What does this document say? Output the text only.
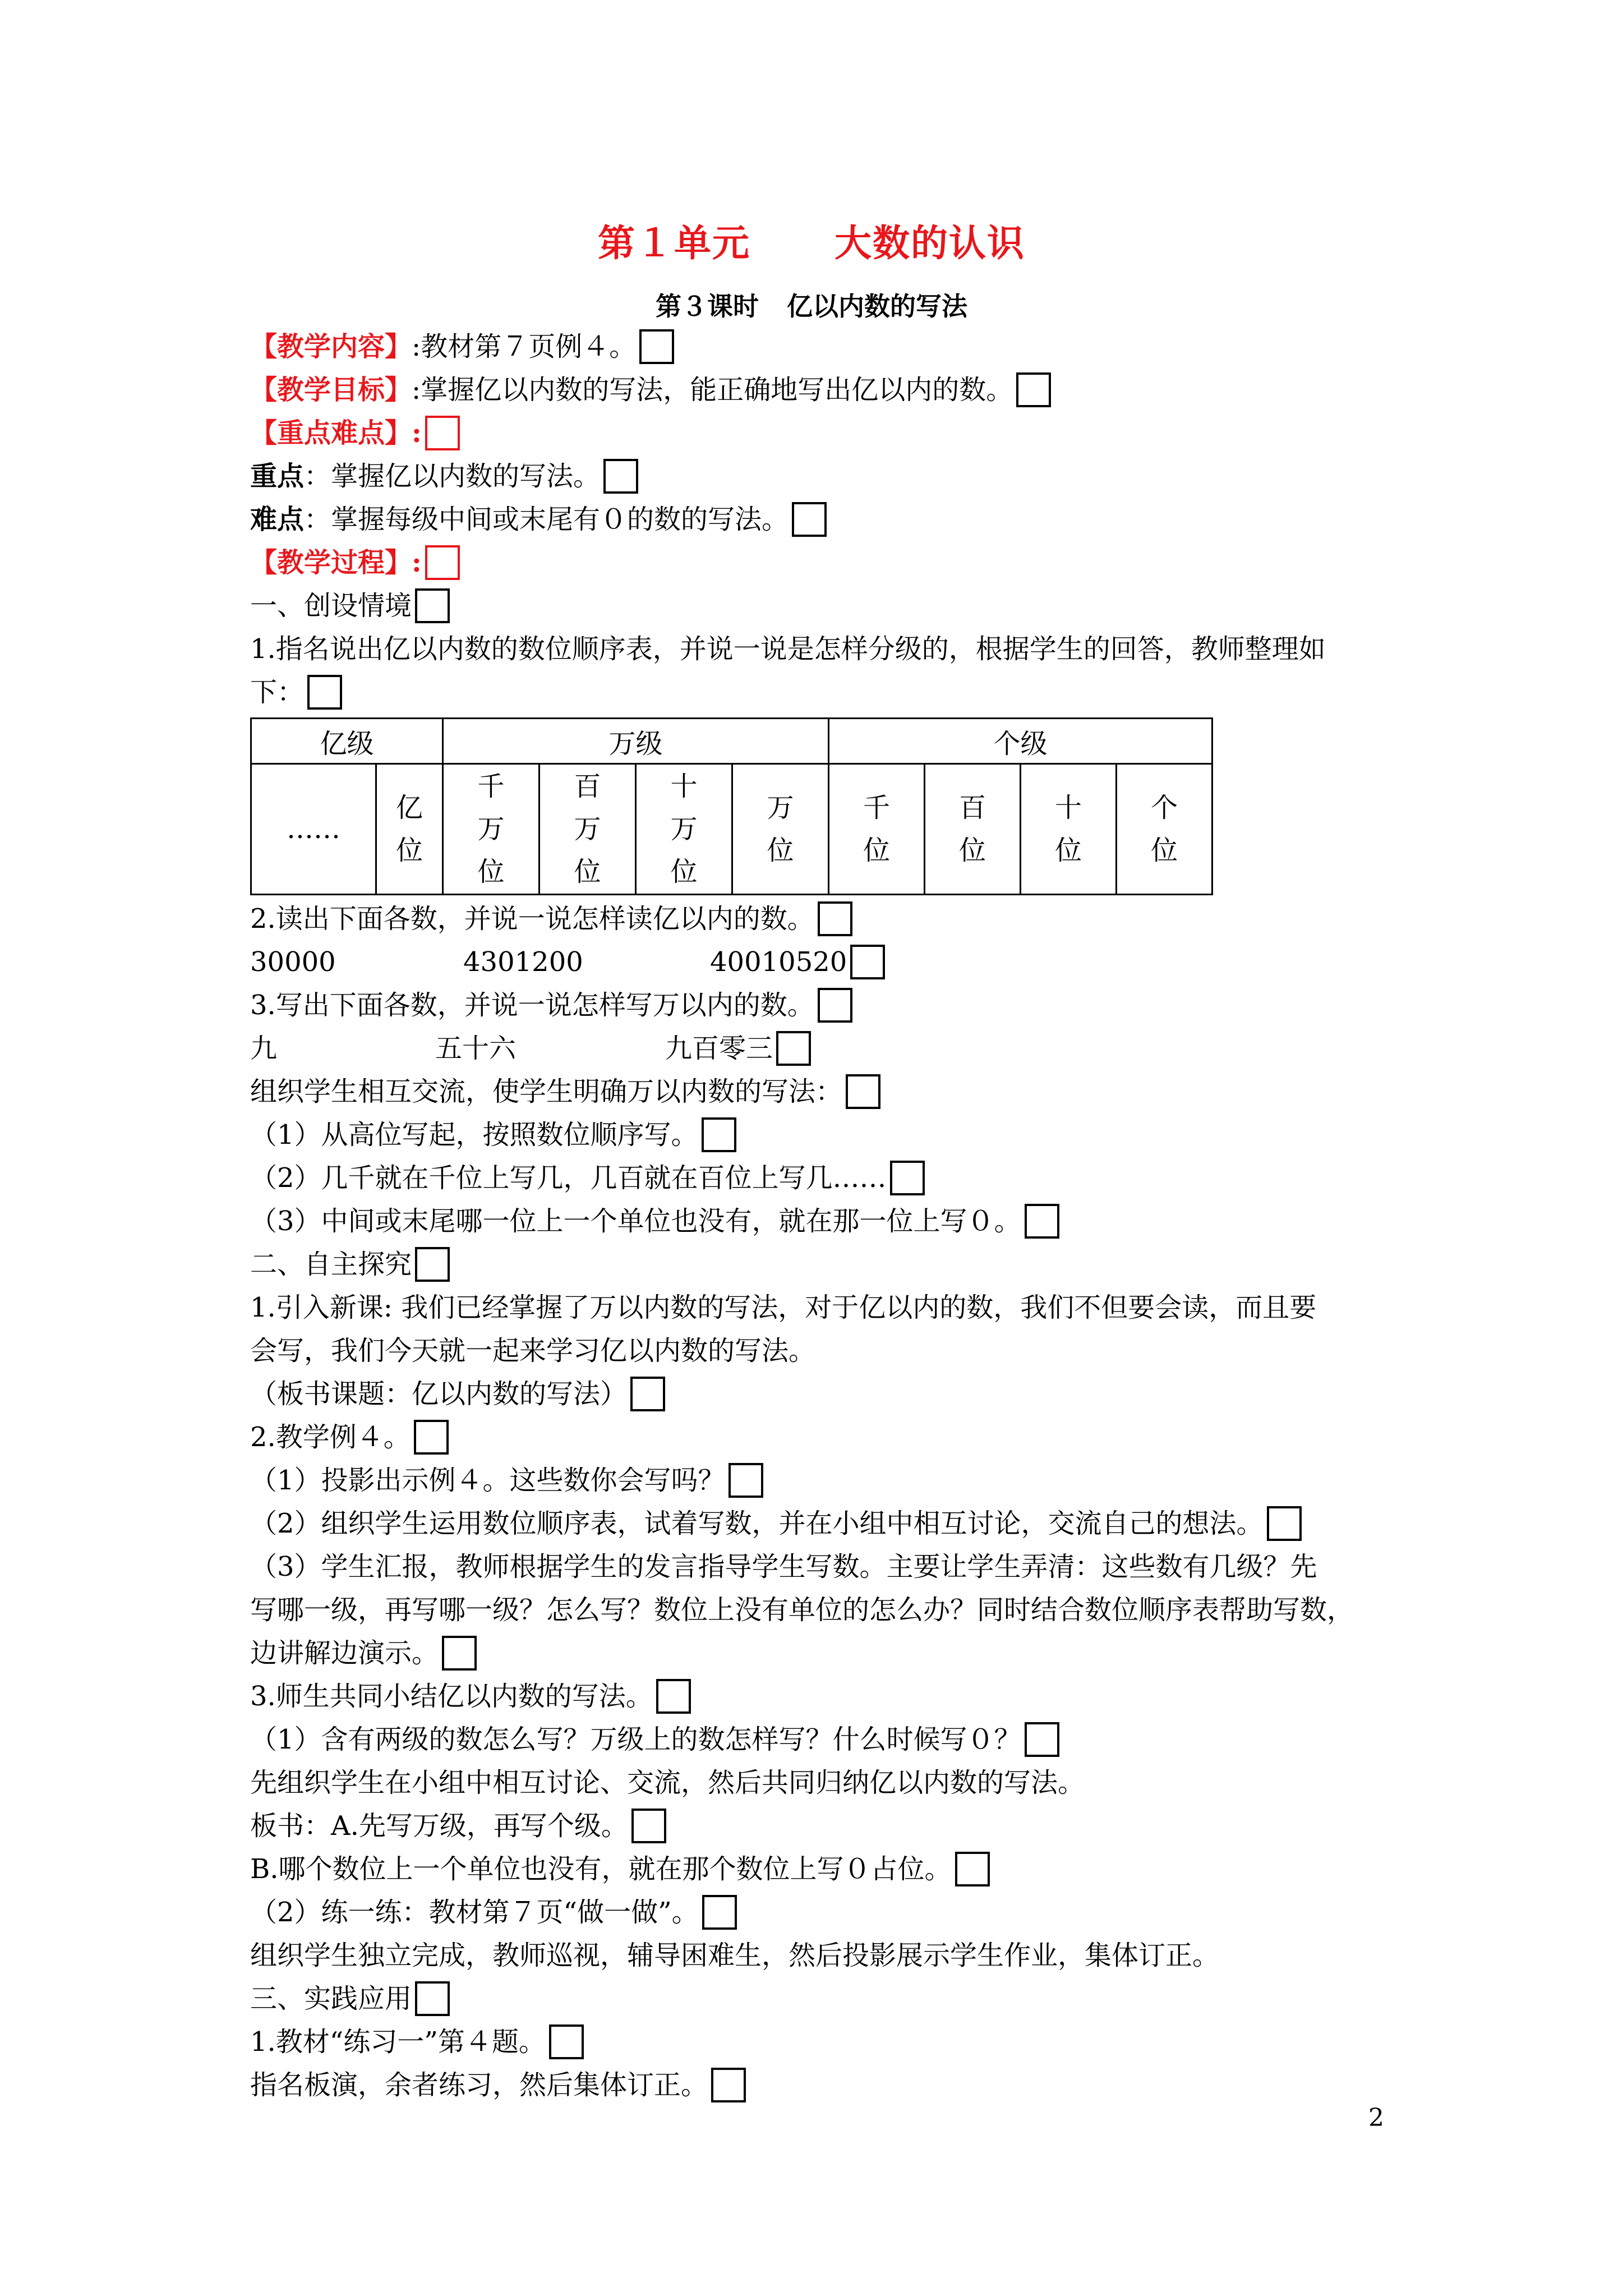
第１单元 大数的认识
第３课时 亿以内数的写法
【教学内容】:教材第７页例４。
【教学目标】:掌握亿以内数的写法，能正确地写出亿以内的数。
【重点难点】:
重点：掌握亿以内数的写法。
难点：掌握每级中间或末尾有０的数的写法。
【教学过程】:
一、创设情境
1.指名说出亿以内数的数位顺序表，并说一说是怎样分级的，根据学生的回答，教师整理如
下：
亿级		万级				个级			
……	亿位	千万位	百万位	十万位	万位	千位	百位	十位	个位
2.读出下面各数，并说一说怎样读亿以内的数。
30000	4301200	40010520
3.写出下面各数，并说一说怎样写万以内的数。
九	五十六	九百零三
组织学生相互交流，使学生明确万以内数的写法：
（1）从高位写起，按照数位顺序写。
（2）几千就在千位上写几，几百就在百位上写几……
（3）中间或末尾哪一位上一个单位也没有，就在那一位上写０。
二、自主探究
1.引入新课: 我们已经掌握了万以内数的写法，对于亿以内的数，我们不但要会读，而且要
会写，我们今天就一起来学习亿以内数的写法。
（板书课题：亿以内数的写法）
2.教学例４。
（1）投影出示例４。这些数你会写吗？
（2）组织学生运用数位顺序表，试着写数，并在小组中相互讨论，交流自己的想法。
（3）学生汇报，教师根据学生的发言指导学生写数。主要让学生弄清：这些数有几级？先
写哪一级，再写哪一级？怎么写？数位上没有单位的怎么办？同时结合数位顺序表帮助写数，
边讲解边演示。
3.师生共同小结亿以内数的写法。
（1）含有两级的数怎么写？万级上的数怎样写？什么时候写０？
先组织学生在小组中相互讨论、交流，然后共同归纳亿以内数的写法。
板书：A.先写万级，再写个级。
B.哪个数位上一个单位也没有，就在那个数位上写０占位。
（2）练一练：教材第７页“做一做”。
组织学生独立完成，教师巡视，辅导困难生，然后投影展示学生作业，集体订正。
三、实践应用
1.教材“练习一”第４题。
指名板演，余者练习，然后集体订正。
2
